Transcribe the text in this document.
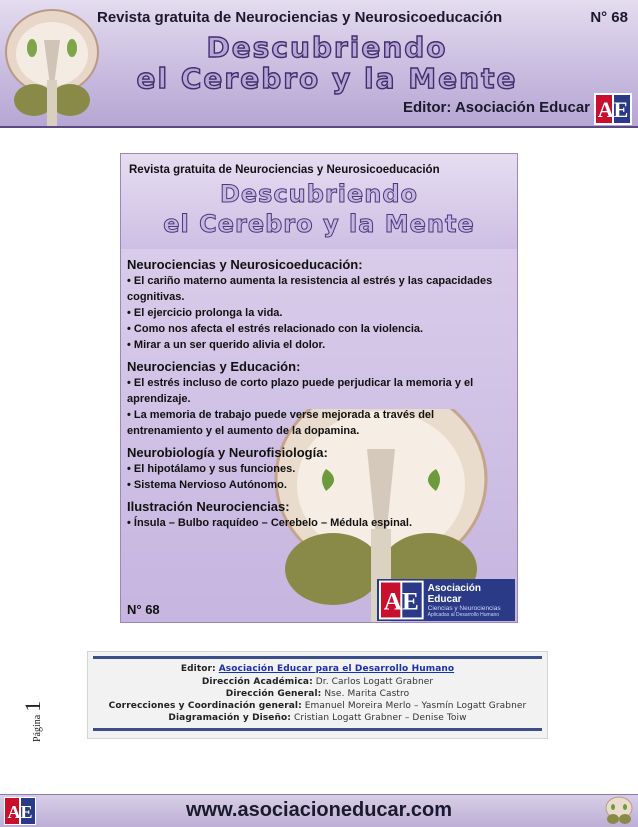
Revista gratuita de Neurociencias y Neurosicoeducación	N° 68
Descubriendo
el Cerebro y la Mente
Editor: Asociación Educar AE
Revista gratuita de Neurociencias y Neurosicoeducación
Descubriendo
el Cerebro y la Mente
Neurociencias y Neurosicoeducación:
• El cariño materno aumenta la resistencia al estrés y las capacidades cognitivas.
• El ejercicio prolonga la vida.
• Como nos afecta el estrés relacionado con la violencia.
• Mirar a un ser querido alivia el dolor.
Neurociencias y Educación:
• El estrés incluso de corto plazo puede perjudicar la memoria y el aprendizaje.
• La memoria de trabajo puede verse mejorada a través del entrenamiento y el aumento de la dopamina.
Neurobiología y Neurofisiología:
• El hipotálamo y sus funciones.
• Sistema Nervioso Autónomo.
Ilustración Neurociencias:
• Ínsula – Bulbo raquídeo – Cerebelo – Médula espinal.
N° 68	AE
Asociación Educar
Ciencias y Neurociencias
Aplicadas al Desarrollo Humano
Editor: Asociación Educar para el Desarrollo Humano
Dirección Académica: Dr. Carlos Logatt Grabner
Dirección General: Nse. Marita Castro
Correcciones y Coordinación general: Emanuel Moreira Merlo – Yasmín Logatt Grabner
Diagramación y Diseño: Cristian Logatt Grabner – Denise Toiw
Página1
AE	www.asociacioneducar.com
